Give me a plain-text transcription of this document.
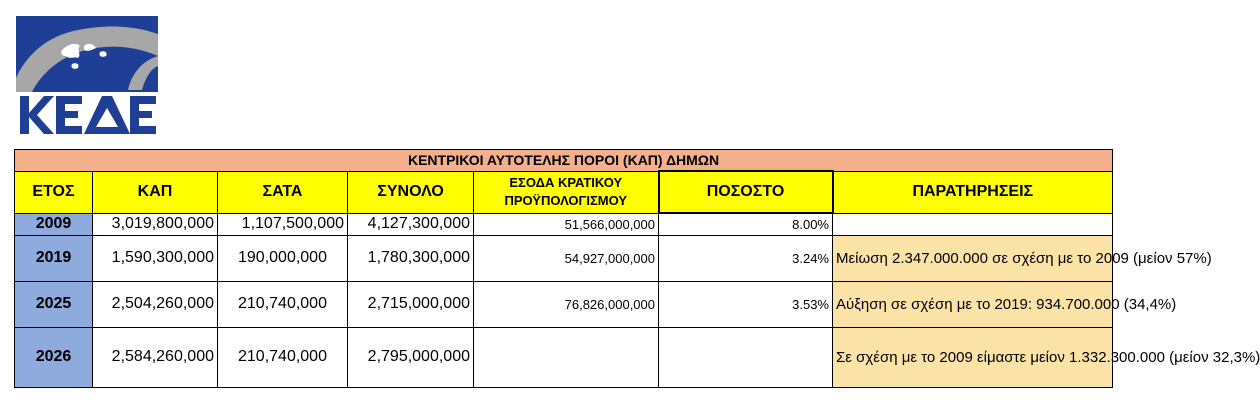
ΚΕΝΤΡΙΚΟΙ ΑΥΤΟΤΕΛΗΣ ΠΟΡΟΙ (ΚΑΠ) ΔΗΜΩΝ						
ΕΤΟΣ	ΚΑΠ	ΣΑΤΑ	ΣΥΝΟΛΟ	ΕΣΟΔΑ ΚΡΑΤΙΚΟΥ
ΠΡΟΫΠΟΛΟΓΙΣΜΟΥ	ΠΟΣΟΣΤΟ	ΠΑΡΑΤΗΡΗΣΕΙΣ
2009	3,019,800,000	1,107,500,000	4,127,300,000	51,566,000,000	8.00%	
2019	1,590,300,000	190,000,000	1,780,300,000	54,927,000,000	3.24%	Μείωση 2.347.000.000 σε σχέση με το 2009 (μείον 57%)
2025	2,504,260,000	210,740,000	2,715,000,000	76,826,000,000	3.53%	Αύξηση σε σχέση με το 2019: 934.700.000 (34,4%)
2026	2,584,260,000	210,740,000	2,795,000,000			Σε σχέση με το 2009 είμαστε μείον 1.332.300.000 (μείον 32,3%)
